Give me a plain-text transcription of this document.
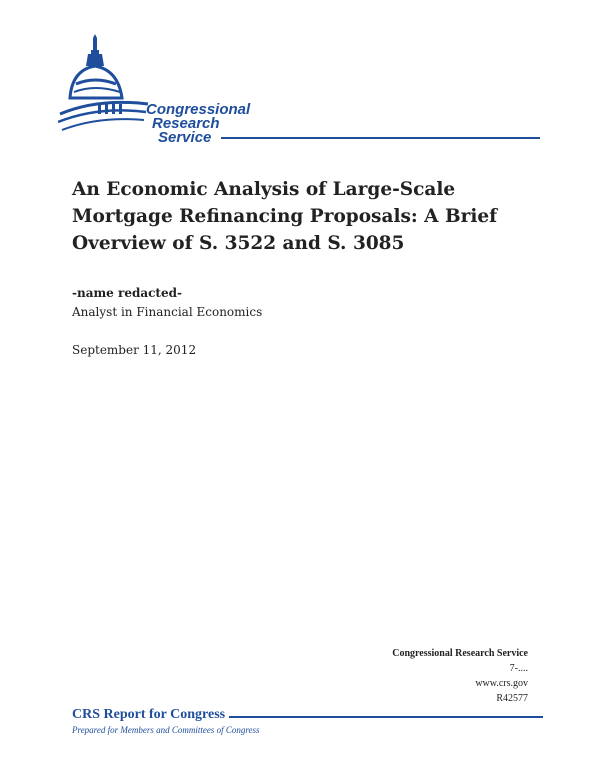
Congressional
Research
Service
An Economic Analysis of Large-Scale
Mortgage Refinancing Proposals: A Brief
Overview of S. 3522 and S. 3085
-name redacted-
Analyst in Financial Economics
September 11, 2012
Congressional Research Service
7-....
www.crs.gov
R42577
CRS Report for Congress
Prepared for Members and Committees of Congress
